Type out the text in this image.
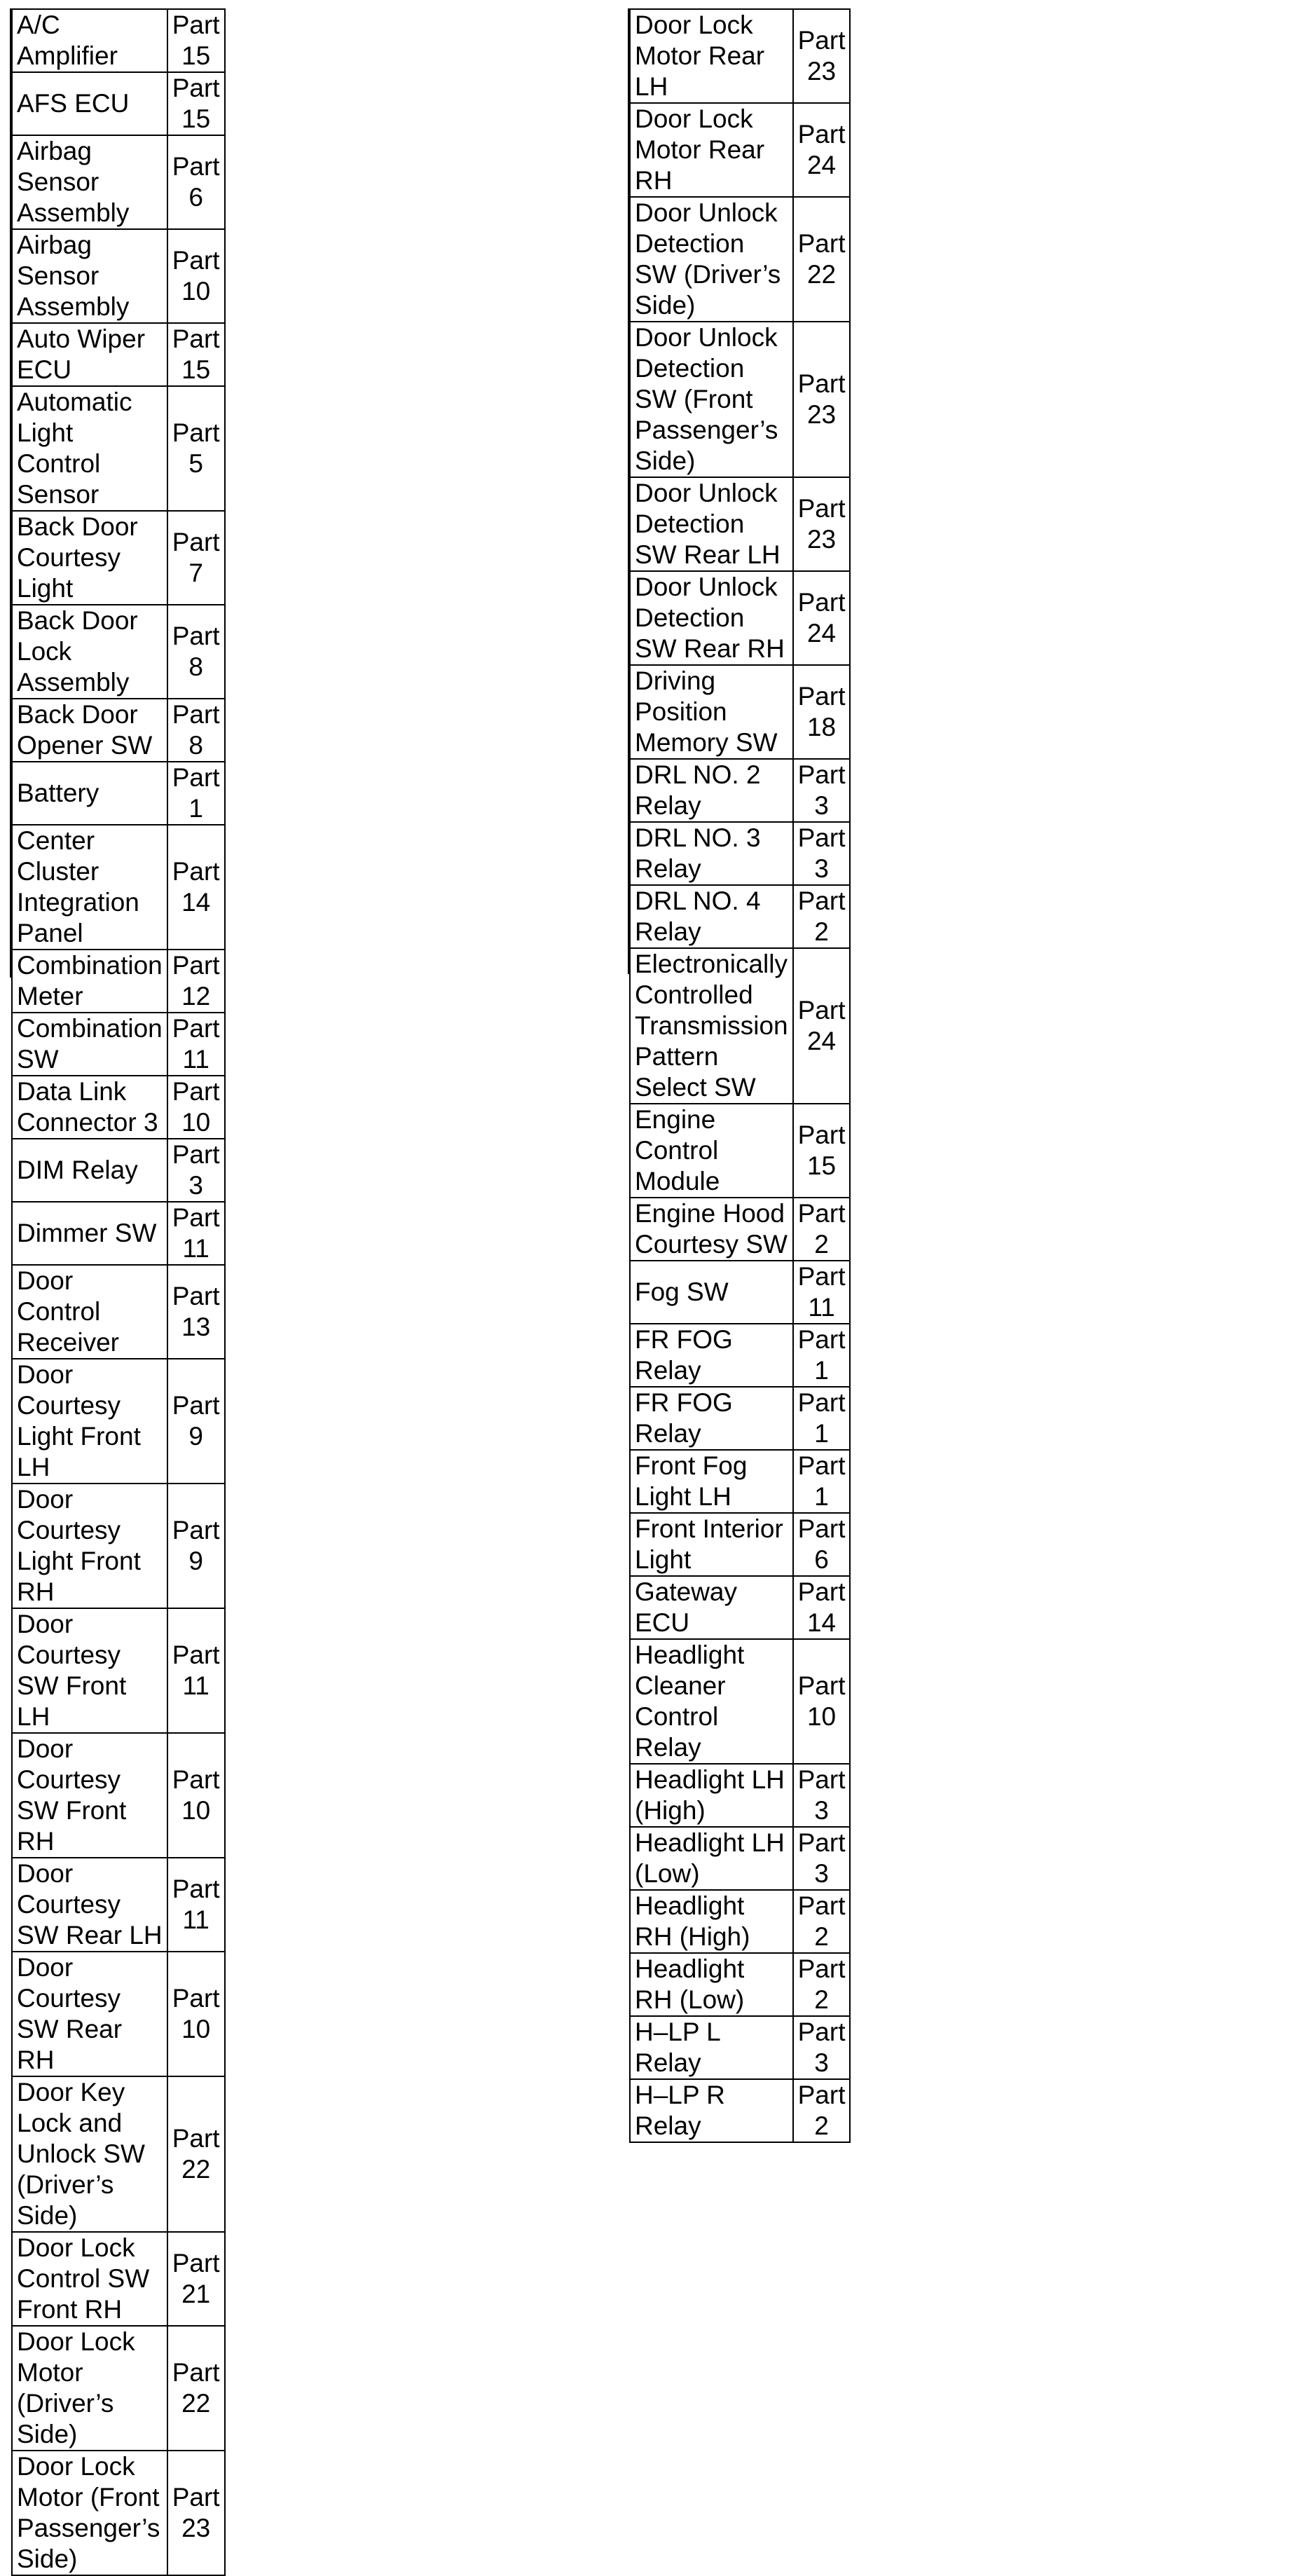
A/C Amplifier	Part 15
AFS ECU	Part 15
Airbag Sensor Assembly	Part 6
Airbag Sensor Assembly	Part 10
Auto Wiper ECU	Part 15
Automatic Light Control Sensor	Part 5
Back Door Courtesy Light	Part 7
Back Door Lock Assembly	Part 8
Back Door Opener SW	Part 8
Battery	Part 1
Center Cluster Integration Panel	Part 14
Combination Meter	Part 12
Combination SW	Part 11
Data Link Connector 3	Part 10
DIM Relay	Part 3
Dimmer SW	Part 11
Door Control Receiver	Part 13
Door Courtesy Light Front LH	Part 9
Door Courtesy Light Front RH	Part 9
Door Courtesy SW Front LH	Part 11
Door Courtesy SW Front RH	Part 10
Door Courtesy SW Rear LH	Part 11
Door Courtesy SW Rear RH	Part 10
Door Key Lock and Unlock SW (Driver’s Side)	Part 22
Door Lock Control SW Front RH	Part 21
Door Lock Motor (Driver’s Side)	Part 22
Door Lock Motor (Front Passenger’s Side)	Part 23
Door Lock Motor Rear LH	Part 23
Door Lock Motor Rear RH	Part 24
Door Unlock Detection SW (Driver’s Side)	Part 22
Door Unlock Detection SW (Front Passenger’s Side)	Part 23
Door Unlock Detection SW Rear LH	Part 23
Door Unlock Detection SW Rear RH	Part 24
Driving Position Memory SW	Part 18
DRL NO. 2 Relay	Part 3
DRL NO. 3 Relay	Part 3
DRL NO. 4 Relay	Part 2
Electronically Controlled Transmission Pattern Select SW	Part 24
Engine Control Module	Part 15
Engine Hood Courtesy SW	Part 2
Fog SW	Part 11
FR FOG Relay	Part 1
FR FOG Relay	Part 1
Front Fog Light LH	Part 1
Front Interior Light	Part 6
Gateway ECU	Part 14
Headlight Cleaner Control Relay	Part 10
Headlight LH (High)	Part 3
Headlight LH (Low)	Part 3
Headlight RH (High)	Part 2
Headlight RH (Low)	Part 2
H–LP L Relay	Part 3
H–LP R Relay	Part 2
